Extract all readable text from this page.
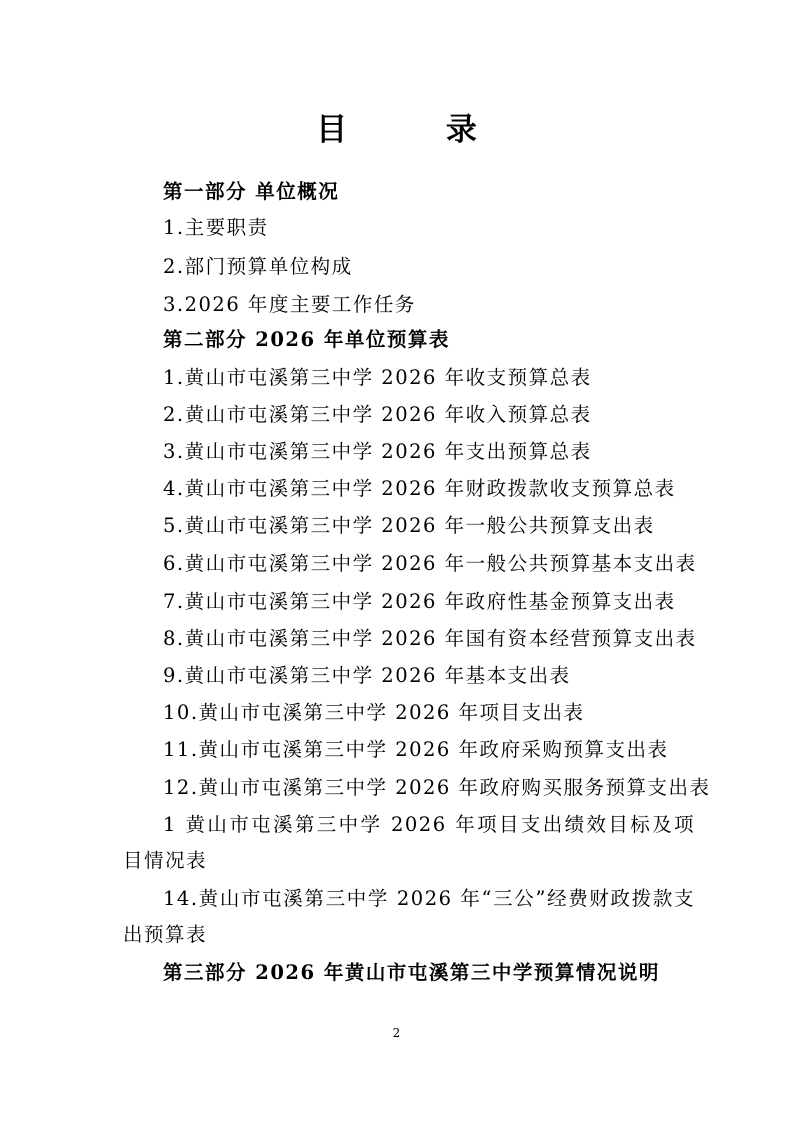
目 录
第一部分 单位概况
1.主要职责
2.部门预算单位构成
3.2026 年度主要工作任务
第二部分 2026 年单位预算表
1.黄山市屯溪第三中学 2026 年收支预算总表
2.黄山市屯溪第三中学 2026 年收入预算总表
3.黄山市屯溪第三中学 2026 年支出预算总表
4.黄山市屯溪第三中学 2026 年财政拨款收支预算总表
5.黄山市屯溪第三中学 2026 年一般公共预算支出表
6.黄山市屯溪第三中学 2026 年一般公共预算基本支出表
7.黄山市屯溪第三中学 2026 年政府性基金预算支出表
8.黄山市屯溪第三中学 2026 年国有资本经营预算支出表
9.黄山市屯溪第三中学 2026 年基本支出表
10.黄山市屯溪第三中学 2026 年项目支出表
11.黄山市屯溪第三中学 2026 年政府采购预算支出表
12.黄山市屯溪第三中学 2026 年政府购买服务预算支出表
1 黄山市屯溪第三中学 2026 年项目支出绩效目标及项目情况表
14.黄山市屯溪第三中学 2026 年“三公”经费财政拨款支出预算表
第三部分 2026 年黄山市屯溪第三中学预算情况说明
2
